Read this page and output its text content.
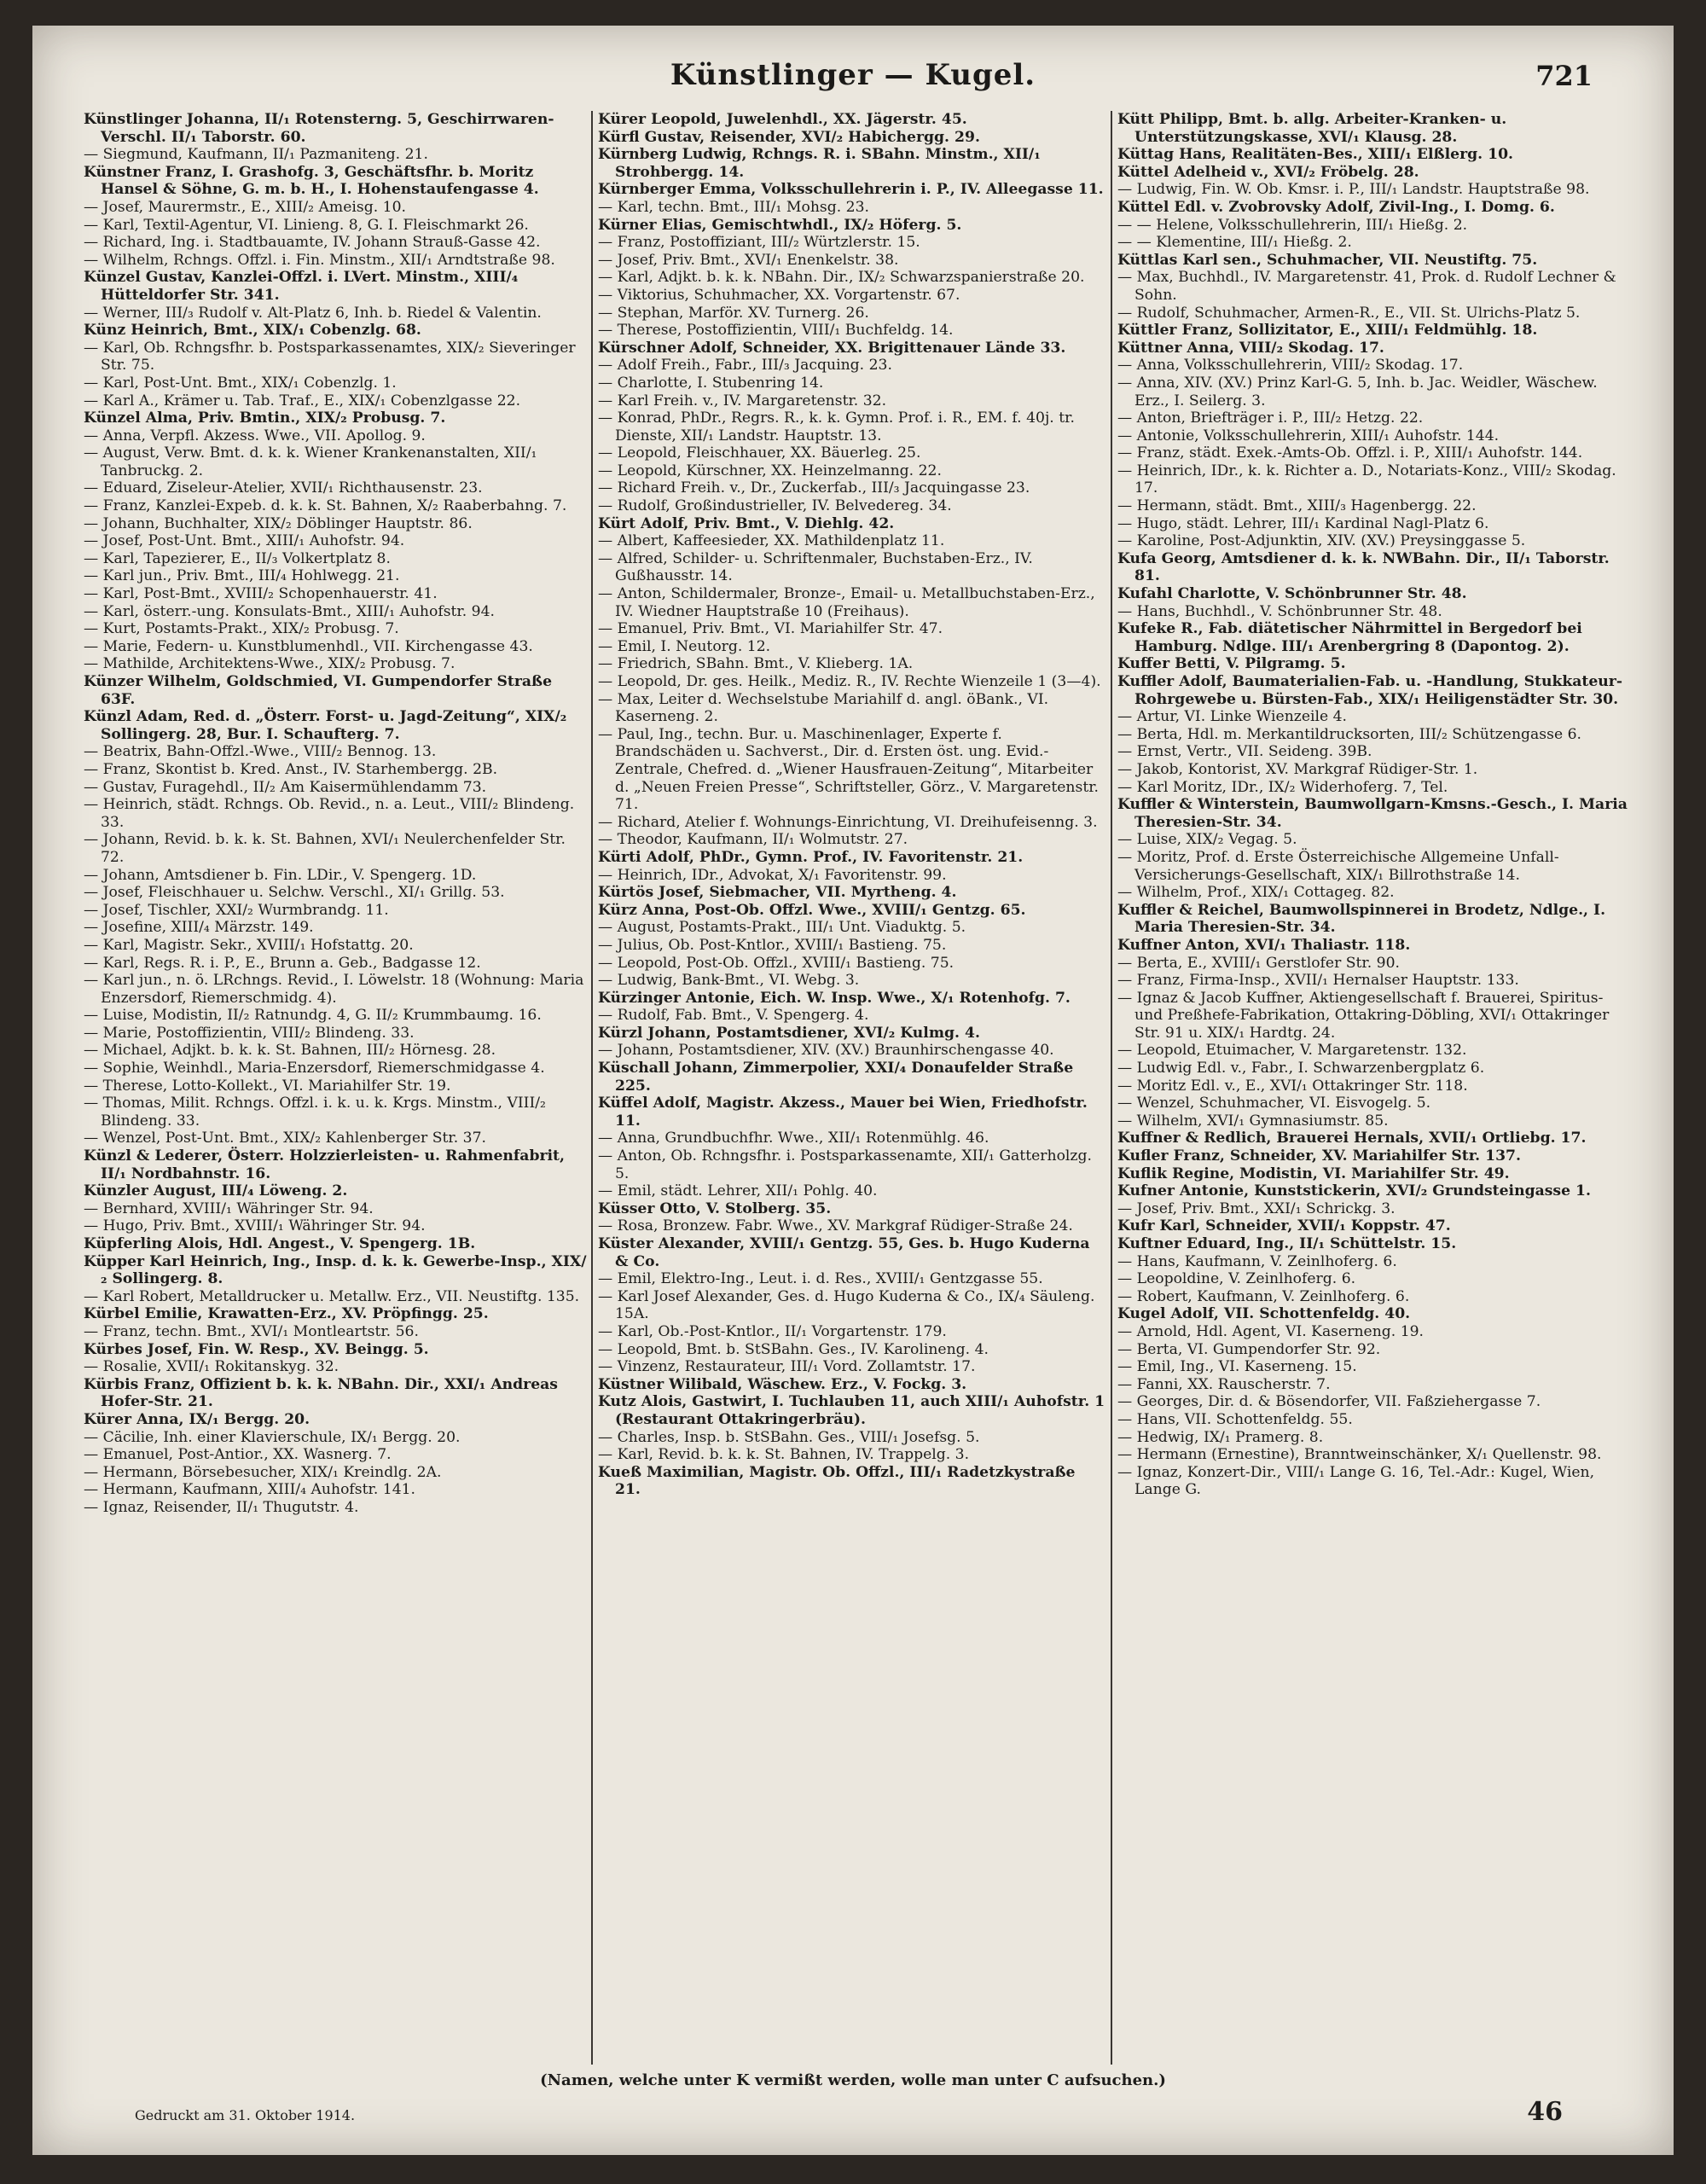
Künstlinger — Kugel.	721

Künstlinger Johanna, II/₁ Rotensterng. 5, Geschirrwaren-Verschl. II/₁ Taborstr. 60.

— Siegmund, Kaufmann, II/₁ Pazmaniteng. 21.

Künstner Franz, I. Grashofg. 3, Geschäftsfhr. b. Moritz Hansel & Söhne, G. m. b. H., I. Hohenstaufengasse 4.

— Josef, Maurermstr., E., XIII/₂ Ameisg. 10.

— Karl, Textil-Agentur, VI. Linieng. 8, G. I. Fleischmarkt 26.

— Richard, Ing. i. Stadtbauamte, IV. Johann Strauß-Gasse 42.

— Wilhelm, Rchngs. Offzl. i. Fin. Minstm., XII/₁ Arndtstraße 98.

Künzel Gustav, Kanzlei-Offzl. i. LVert. Minstm., XIII/₄ Hütteldorfer Str. 341.

— Werner, III/₃ Rudolf v. Alt-Platz 6, Inh. b. Riedel & Valentin.

Künz Heinrich, Bmt., XIX/₁ Cobenzlg. 68.

— Karl, Ob. Rchngsfhr. b. Postsparkassenamtes, XIX/₂ Sieveringer Str. 75.

— Karl, Post-Unt. Bmt., XIX/₁ Cobenzlg. 1.

— Karl A., Krämer u. Tab. Traf., E., XIX/₁ Cobenzlgasse 22.

Künzel Alma, Priv. Bmtin., XIX/₂ Probusg. 7.

— Anna, Verpfl. Akzess. Wwe., VII. Apollog. 9.

— August, Verw. Bmt. d. k. k. Wiener Krankenanstalten, XII/₁ Tanbruckg. 2.

— Eduard, Ziseleur-Atelier, XVII/₁ Richthausenstr. 23.

— Franz, Kanzlei-Expeb. d. k. k. St. Bahnen, X/₂ Raaberbahng. 7.

— Johann, Buchhalter, XIX/₂ Döblinger Hauptstr. 86.

— Josef, Post-Unt. Bmt., XIII/₁ Auhofstr. 94.

— Karl, Tapezierer, E., II/₃ Volkertplatz 8.

— Karl jun., Priv. Bmt., III/₄ Hohlwegg. 21.

— Karl, Post-Bmt., XVIII/₂ Schopenhauerstr. 41.

— Karl, österr.-ung. Konsulats-Bmt., XIII/₁ Auhofstr. 94.

— Kurt, Postamts-Prakt., XIX/₂ Probusg. 7.

— Marie, Federn- u. Kunstblumenhdl., VII. Kirchengasse 43.

— Mathilde, Architektens-Wwe., XIX/₂ Probusg. 7.

Künzer Wilhelm, Goldschmied, VI. Gumpendorfer Straße 63F.

Künzl Adam, Red. d. „Österr. Forst- u. Jagd-Zeitung“, XIX/₂ Sollingerg. 28, Bur. I. Schaufterg. 7.

— Beatrix, Bahn-Offzl.-Wwe., VIII/₂ Bennog. 13.

— Franz, Skontist b. Kred. Anst., IV. Starhembergg. 2B.

— Gustav, Furagehdl., II/₂ Am Kaisermühlendamm 73.

— Heinrich, städt. Rchngs. Ob. Revid., n. a. Leut., VIII/₂ Blindeng. 33.

— Johann, Revid. b. k. k. St. Bahnen, XVI/₁ Neulerchenfelder Str. 72.

— Johann, Amtsdiener b. Fin. LDir., V. Spengerg. 1D.

— Josef, Fleischhauer u. Selchw. Verschl., XI/₁ Grillg. 53.

— Josef, Tischler, XXI/₂ Wurmbrandg. 11.

— Josefine, XIII/₄ Märzstr. 149.

— Karl, Magistr. Sekr., XVIII/₁ Hofstattg. 20.

— Karl, Regs. R. i. P., E., Brunn a. Geb., Badgasse 12.

— Karl jun., n. ö. LRchngs. Revid., I. Löwelstr. 18 (Wohnung: Maria Enzersdorf, Riemerschmidg. 4).

— Luise, Modistin, II/₂ Ratnundg. 4, G. II/₂ Krummbaumg. 16.

— Marie, Postoffizientin, VIII/₂ Blindeng. 33.

— Michael, Adjkt. b. k. k. St. Bahnen, III/₂ Hörnesg. 28.

— Sophie, Weinhdl., Maria-Enzersdorf, Riemerschmidgasse 4.

— Therese, Lotto-Kollekt., VI. Mariahilfer Str. 19.

— Thomas, Milit. Rchngs. Offzl. i. k. u. k. Krgs. Minstm., VIII/₂ Blindeng. 33.

— Wenzel, Post-Unt. Bmt., XIX/₂ Kahlenberger Str. 37.

Künzl & Lederer, Österr. Holzzierleisten- u. Rahmenfabrit, II/₁ Nordbahnstr. 16.

Künzler August, III/₄ Löweng. 2.

— Bernhard, XVIII/₁ Währinger Str. 94.

— Hugo, Priv. Bmt., XVIII/₁ Währinger Str. 94.

Küpferling Alois, Hdl. Angest., V. Spengerg. 1B.

Küpper Karl Heinrich, Ing., Insp. d. k. k. Gewerbe-Insp., XIX/₂ Sollingerg. 8.

— Karl Robert, Metalldrucker u. Metallw. Erz., VII. Neustiftg. 135.

Kürbel Emilie, Krawatten-Erz., XV. Pröpfingg. 25.

— Franz, techn. Bmt., XVI/₁ Montleartstr. 56.

Kürbes Josef, Fin. W. Resp., XV. Beingg. 5.

— Rosalie, XVII/₁ Rokitanskyg. 32.

Kürbis Franz, Offizient b. k. k. NBahn. Dir., XXI/₁ Andreas Hofer-Str. 21.

Kürer Anna, IX/₁ Bergg. 20.

— Cäcilie, Inh. einer Klavierschule, IX/₁ Bergg. 20.

— Emanuel, Post-Antior., XX. Wasnerg. 7.

— Hermann, Börsebesucher, XIX/₁ Kreindlg. 2A.

— Hermann, Kaufmann, XIII/₄ Auhofstr. 141.

— Ignaz, Reisender, II/₁ Thugutstr. 4.

Kürer Leopold, Juwelenhdl., XX. Jägerstr. 45.

Kürfl Gustav, Reisender, XVI/₂ Habichergg. 29.

Kürnberg Ludwig, Rchngs. R. i. SBahn. Minstm., XII/₁ Strohbergg. 14.

Kürnberger Emma, Volksschullehrerin i. P., IV. Alleegasse 11.

— Karl, techn. Bmt., III/₁ Mohsg. 23.

Kürner Elias, Gemischtwhdl., IX/₂ Höferg. 5.

— Franz, Postoffiziant, III/₂ Würtzlerstr. 15.

— Josef, Priv. Bmt., XVI/₁ Enenkelstr. 38.

— Karl, Adjkt. b. k. k. NBahn. Dir., IX/₂ Schwarzspanierstraße 20.

— Viktorius, Schuhmacher, XX. Vorgartenstr. 67.

— Stephan, Marför. XV. Turnerg. 26.

— Therese, Postoffizientin, VIII/₁ Buchfeldg. 14.

Kürschner Adolf, Schneider, XX. Brigittenauer Lände 33.

— Adolf Freih., Fabr., III/₃ Jacquing. 23.

— Charlotte, I. Stubenring 14.

— Karl Freih. v., IV. Margaretenstr. 32.

— Konrad, PhDr., Regrs. R., k. k. Gymn. Prof. i. R., EM. f. 40j. tr. Dienste, XII/₁ Landstr. Hauptstr. 13.

— Leopold, Fleischhauer, XX. Bäuerleg. 25.

— Leopold, Kürschner, XX. Heinzelmanng. 22.

— Richard Freih. v., Dr., Zuckerfab., III/₃ Jacquingasse 23.

— Rudolf, Großindustrieller, IV. Belvedereg. 34.

Kürt Adolf, Priv. Bmt., V. Diehlg. 42.

— Albert, Kaffeesieder, XX. Mathildenplatz 11.

— Alfred, Schilder- u. Schriftenmaler, Buchstaben-Erz., IV. Gußhausstr. 14.

— Anton, Schildermaler, Bronze-, Email- u. Metallbuchstaben-Erz., IV. Wiedner Hauptstraße 10 (Freihaus).

— Emanuel, Priv. Bmt., VI. Mariahilfer Str. 47.

— Emil, I. Neutorg. 12.

— Friedrich, SBahn. Bmt., V. Klieberg. 1A.

— Leopold, Dr. ges. Heilk., Mediz. R., IV. Rechte Wienzeile 1 (3—4).

— Max, Leiter d. Wechselstube Mariahilf d. angl. öBank., VI. Kaserneng. 2.

— Paul, Ing., techn. Bur. u. Maschinenlager, Experte f. Brandschäden u. Sachverst., Dir. d. Ersten öst. ung. Evid.-Zentrale, Chefred. d. „Wiener Hausfrauen-Zeitung“, Mitarbeiter d. „Neuen Freien Presse“, Schriftsteller, Görz., V. Margaretenstr. 71.

— Richard, Atelier f. Wohnungs-Einrichtung, VI. Dreihufeisenng. 3.

— Theodor, Kaufmann, II/₁ Wolmutstr. 27.

Kürti Adolf, PhDr., Gymn. Prof., IV. Favoritenstr. 21.

— Heinrich, IDr., Advokat, X/₁ Favoritenstr. 99.

Kürtös Josef, Siebmacher, VII. Myrtheng. 4.

Kürz Anna, Post-Ob. Offzl. Wwe., XVIII/₁ Gentzg. 65.

— August, Postamts-Prakt., III/₁ Unt. Viaduktg. 5.

— Julius, Ob. Post-Kntlor., XVIII/₁ Bastieng. 75.

— Leopold, Post-Ob. Offzl., XVIII/₁ Bastieng. 75.

— Ludwig, Bank-Bmt., VI. Webg. 3.

Kürzinger Antonie, Eich. W. Insp. Wwe., X/₁ Rotenhofg. 7.

— Rudolf, Fab. Bmt., V. Spengerg. 4.

Kürzl Johann, Postamtsdiener, XVI/₂ Kulmg. 4.

— Johann, Postamtsdiener, XIV. (XV.) Braunhirschengasse 40.

Küschall Johann, Zimmerpolier, XXI/₄ Donaufelder Straße 225.

Küffel Adolf, Magistr. Akzess., Mauer bei Wien, Friedhofstr. 11.

— Anna, Grundbuchfhr. Wwe., XII/₁ Rotenmühlg. 46.

— Anton, Ob. Rchngsfhr. i. Postsparkassenamte, XII/₁ Gatterholzg. 5.

— Emil, städt. Lehrer, XII/₁ Pohlg. 40.

Küsser Otto, V. Stolberg. 35.

— Rosa, Bronzew. Fabr. Wwe., XV. Markgraf Rüdiger-Straße 24.

Küster Alexander, XVIII/₁ Gentzg. 55, Ges. b. Hugo Kuderna & Co.

— Emil, Elektro-Ing., Leut. i. d. Res., XVIII/₁ Gentzgasse 55.

— Karl Josef Alexander, Ges. d. Hugo Kuderna & Co., IX/₄ Säuleng. 15A.

— Karl, Ob.-Post-Kntlor., II/₁ Vorgartenstr. 179.

— Leopold, Bmt. b. StSBahn. Ges., IV. Karolineng. 4.

— Vinzenz, Restaurateur, III/₁ Vord. Zollamtstr. 17.

Küstner Wilibald, Wäschew. Erz., V. Fockg. 3.

Kutz Alois, Gastwirt, I. Tuchlauben 11, auch XIII/₁ Auhofstr. 1 (Restaurant Ottakringerbräu).

— Charles, Insp. b. StSBahn. Ges., VIII/₁ Josefsg. 5.

— Karl, Revid. b. k. k. St. Bahnen, IV. Trappelg. 3.

Kueß Maximilian, Magistr. Ob. Offzl., III/₁ Radetzkystraße 21.

Kütt Philipp, Bmt. b. allg. Arbeiter-Kranken- u. Unterstützungskasse, XVI/₁ Klausg. 28.

Küttag Hans, Realitäten-Bes., XIII/₁ Elßlerg. 10.

Küttel Adelheid v., XVI/₂ Fröbelg. 28.

— Ludwig, Fin. W. Ob. Kmsr. i. P., III/₁ Landstr. Hauptstraße 98.

Küttel Edl. v. Zvobrovsky Adolf, Zivil-Ing., I. Domg. 6.

— — Helene, Volksschullehrerin, III/₁ Hießg. 2.

— — Klementine, III/₁ Hießg. 2.

Küttlas Karl sen., Schuhmacher, VII. Neustiftg. 75.

— Max, Buchhdl., IV. Margaretenstr. 41, Prok. d. Rudolf Lechner & Sohn.

— Rudolf, Schuhmacher, Armen-R., E., VII. St. Ulrichs-Platz 5.

Küttler Franz, Sollizitator, E., XIII/₁ Feldmühlg. 18.

Küttner Anna, VIII/₂ Skodag. 17.

— Anna, Volksschullehrerin, VIII/₂ Skodag. 17.

— Anna, XIV. (XV.) Prinz Karl-G. 5, Inh. b. Jac. Weidler, Wäschew. Erz., I. Seilerg. 3.

— Anton, Briefträger i. P., III/₂ Hetzg. 22.

— Antonie, Volksschullehrerin, XIII/₁ Auhofstr. 144.

— Franz, städt. Exek.-Amts-Ob. Offzl. i. P., XIII/₁ Auhofstr. 144.

— Heinrich, IDr., k. k. Richter a. D., Notariats-Konz., VIII/₂ Skodag. 17.

— Hermann, städt. Bmt., XIII/₃ Hagenbergg. 22.

— Hugo, städt. Lehrer, III/₁ Kardinal Nagl-Platz 6.

— Karoline, Post-Adjunktin, XIV. (XV.) Preysinggasse 5.

Kufa Georg, Amtsdiener d. k. k. NWBahn. Dir., II/₁ Taborstr. 81.

Kufahl Charlotte, V. Schönbrunner Str. 48.

— Hans, Buchhdl., V. Schönbrunner Str. 48.

Kufeke R., Fab. diätetischer Nährmittel in Bergedorf bei Hamburg. Ndlge. III/₁ Arenbergring 8 (Dapontog. 2).

Kuffer Betti, V. Pilgramg. 5.

Kuffler Adolf, Baumaterialien-Fab. u. -Handlung, Stukkateur-Rohrgewebe u. Bürsten-Fab., XIX/₁ Heiligenstädter Str. 30.

— Artur, VI. Linke Wienzeile 4.

— Berta, Hdl. m. Merkantildrucksorten, III/₂ Schützengasse 6.

— Ernst, Vertr., VII. Seideng. 39B.

— Jakob, Kontorist, XV. Markgraf Rüdiger-Str. 1.

— Karl Moritz, IDr., IX/₂ Widerhoferg. 7, Tel.

Kuffler & Winterstein, Baumwollgarn-Kmsns.-Gesch., I. Maria Theresien-Str. 34.

— Luise, XIX/₂ Vegag. 5.

— Moritz, Prof. d. Erste Österreichische Allgemeine Unfall-Versicherungs-Gesellschaft, XIX/₁ Billrothstraße 14.

— Wilhelm, Prof., XIX/₁ Cottageg. 82.

Kuffler & Reichel, Baumwollspinnerei in Brodetz, Ndlge., I. Maria Theresien-Str. 34.

Kuffner Anton, XVI/₁ Thaliastr. 118.

— Berta, E., XVIII/₁ Gerstlofer Str. 90.

— Franz, Firma-Insp., XVII/₁ Hernalser Hauptstr. 133.

— Ignaz & Jacob Kuffner, Aktiengesellschaft f. Brauerei, Spiritus- und Preßhefe-Fabrikation, Ottakring-Döbling, XVI/₁ Ottakringer Str. 91 u. XIX/₁ Hardtg. 24.

— Leopold, Etuimacher, V. Margaretenstr. 132.

— Ludwig Edl. v., Fabr., I. Schwarzenbergplatz 6.

— Moritz Edl. v., E., XVI/₁ Ottakringer Str. 118.

— Wenzel, Schuhmacher, VI. Eisvogelg. 5.

— Wilhelm, XVI/₁ Gymnasiumstr. 85.

Kuffner & Redlich, Brauerei Hernals, XVII/₁ Ortliebg. 17.

Kufler Franz, Schneider, XV. Mariahilfer Str. 137.

Kuflik Regine, Modistin, VI. Mariahilfer Str. 49.

Kufner Antonie, Kunststickerin, XVI/₂ Grundsteingasse 1.

— Josef, Priv. Bmt., XXI/₁ Schrickg. 3.

Kufr Karl, Schneider, XVII/₁ Koppstr. 47.

Kuftner Eduard, Ing., II/₁ Schüttelstr. 15.

— Hans, Kaufmann, V. Zeinlhoferg. 6.

— Leopoldine, V. Zeinlhoferg. 6.

— Robert, Kaufmann, V. Zeinlhoferg. 6.

Kugel Adolf, VII. Schottenfeldg. 40.

— Arnold, Hdl. Agent, VI. Kaserneng. 19.

— Berta, VI. Gumpendorfer Str. 92.

— Emil, Ing., VI. Kaserneng. 15.

— Fanni, XX. Rauscherstr. 7.

— Georges, Dir. d. & Bösendorfer, VII. Faßziehergasse 7.

— Hans, VII. Schottenfeldg. 55.

— Hedwig, IX/₁ Pramerg. 8.

— Hermann (Ernestine), Branntweinschänker, X/₁ Quellenstr. 98.

— Ignaz, Konzert-Dir., VIII/₁ Lange G. 16, Tel.-Adr.: Kugel, Wien, Lange G.

(Namen, welche unter K vermißt werden, wolle man unter C aufsuchen.)
Gedruckt am 31. Oktober 1914.	46
